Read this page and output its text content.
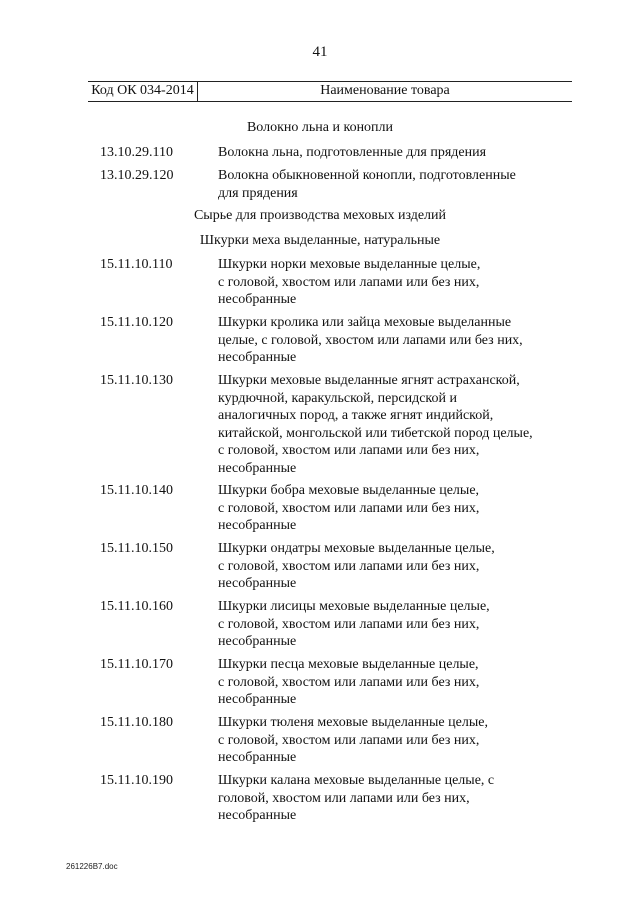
41
Код ОК 034-2014	Наименование товара
Волокно льна и конопли
13.10.29.110	Волокна льна, подготовленные для прядения
13.10.29.120	Волокна обыкновенной конопли, подготовленные
для прядения
Сырье для производства меховых изделий
Шкурки меха выделанные, натуральные
15.11.10.110	Шкурки норки меховые выделанные целые,
с головой, хвостом или лапами или без них,
несобранные
15.11.10.120	Шкурки кролика или зайца меховые выделанные
целые, с головой, хвостом или лапами или без них,
несобранные
15.11.10.130	Шкурки меховые выделанные ягнят астраханской,
курдючной, каракульской, персидской и
аналогичных пород, а также ягнят индийской,
китайской, монгольской или тибетской пород целые,
с головой, хвостом или лапами или без них,
несобранные
15.11.10.140	Шкурки бобра меховые выделанные целые,
с головой, хвостом или лапами или без них,
несобранные
15.11.10.150	Шкурки ондатры меховые выделанные целые,
с головой, хвостом или лапами или без них,
несобранные
15.11.10.160	Шкурки лисицы меховые выделанные целые,
с головой, хвостом или лапами или без них,
несобранные
15.11.10.170	Шкурки песца меховые выделанные целые,
с головой, хвостом или лапами или без них,
несобранные
15.11.10.180	Шкурки тюленя меховые выделанные целые,
с головой, хвостом или лапами или без них,
несобранные
15.11.10.190	Шкурки калана меховые выделанные целые, с
головой, хвостом или лапами или без них,
несобранные
261226B7.doc
